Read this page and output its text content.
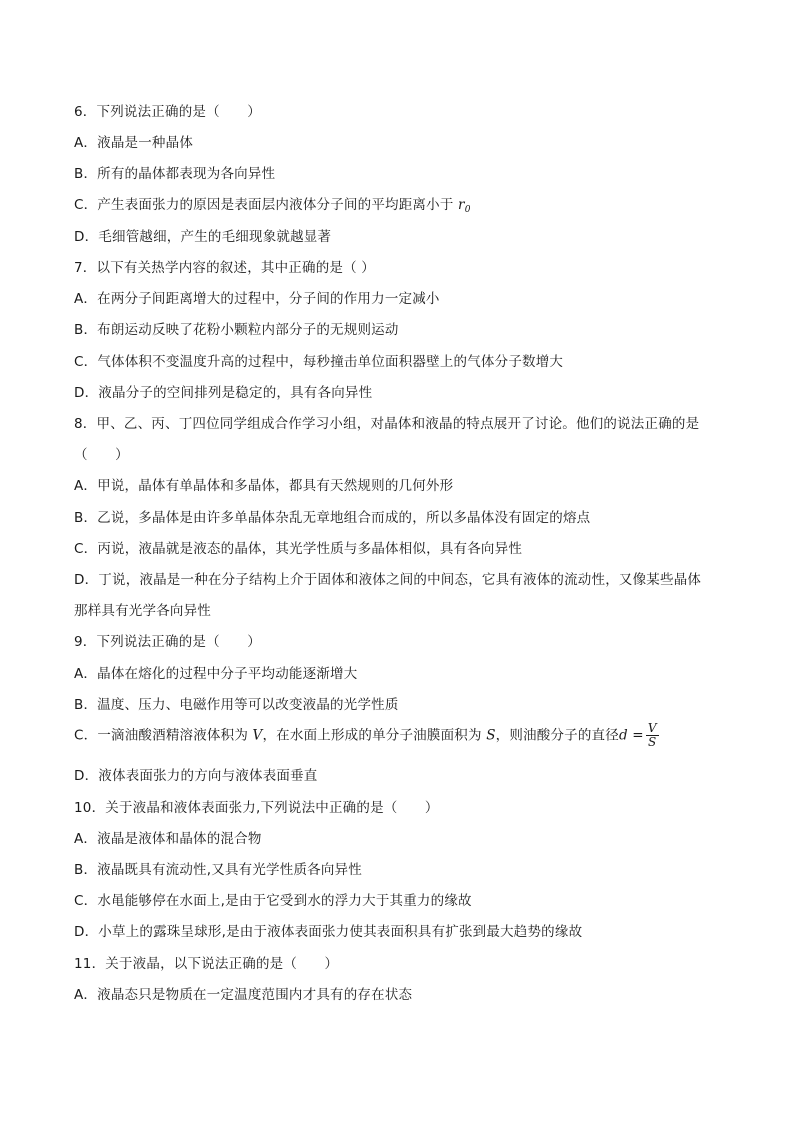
6．下列说法正确的是（　　）
A．液晶是一种晶体
B．所有的晶体都表现为各向异性
C．产生表面张力的原因是表面层内液体分子间的平均距离小于 $r_0$
D．毛细管越细，产生的毛细现象就越显著
7．以下有关热学内容的叙述，其中正确的是（ ）
A．在两分子间距离增大的过程中，分子间的作用力一定减小
B．布朗运动反映了花粉小颗粒内部分子的无规则运动
C．气体体积不变温度升高的过程中，每秒撞击单位面积器壁上的气体分子数增大
D．液晶分子的空间排列是稳定的，具有各向异性
8．甲、乙、丙、丁四位同学组成合作学习小组，对晶体和液晶的特点展开了讨论。他们的说法正确的是
（　　）
A．甲说，晶体有单晶体和多晶体，都具有天然规则的几何外形
B．乙说，多晶体是由许多单晶体杂乱无章地组合而成的，所以多晶体没有固定的熔点
C．丙说，液晶就是液态的晶体，其光学性质与多晶体相似，具有各向异性
D．丁说，液晶是一种在分子结构上介于固体和液体之间的中间态，它具有液体的流动性，又像某些晶体
那样具有光学各向异性
9．下列说法正确的是（　　）
A．晶体在熔化的过程中分子平均动能逐渐增大
B．温度、压力、电磁作用等可以改变液晶的光学性质
C．一滴油酸酒精溶液体积为 V，在水面上形成的单分子油膜面积为 S，则油酸分子的直径$d = \frac{V}{S}$
D．液体表面张力的方向与液体表面垂直
10．关于液晶和液体表面张力,下列说法中正确的是（　　）
A．液晶是液体和晶体的混合物
B．液晶既具有流动性,又具有光学性质各向异性
C．水黾能够停在水面上,是由于它受到水的浮力大于其重力的缘故
D．小草上的露珠呈球形,是由于液体表面张力使其表面积具有扩张到最大趋势的缘故
11．关于液晶，以下说法正确的是（　　）
A．液晶态只是物质在一定温度范围内才具有的存在状态
